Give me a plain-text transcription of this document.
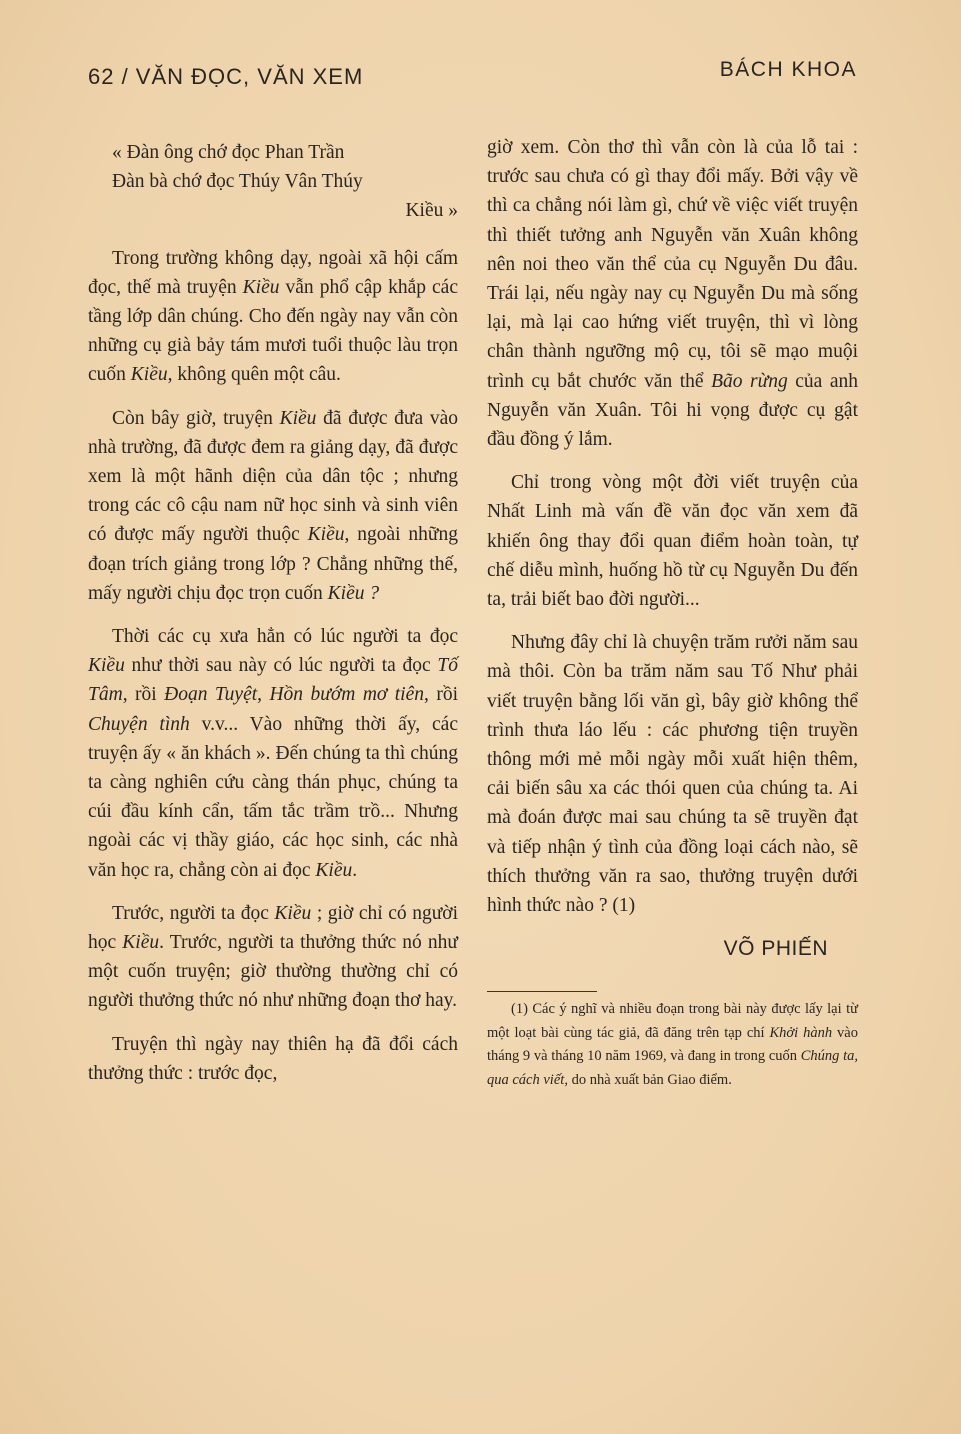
62 / VĂN ĐỌC, VĂN XEM	BÁCH KHOA
« Đàn ông chớ đọc Phan Trần
Đàn bà chớ đọc Thúy Vân Thúy
Kiều »

Trong trường không dạy, ngoài xã hội cấm đọc, thế mà truyện Kiều vẫn phổ cập khắp các tầng lớp dân chúng. Cho đến ngày nay vẫn còn những cụ già bảy tám mươi tuổi thuộc làu trọn cuốn Kiều, không quên một câu.

Còn bây giờ, truyện Kiều đã được đưa vào nhà trường, đã được đem ra giảng dạy, đã được xem là một hãnh diện của dân tộc ; nhưng trong các cô cậu nam nữ học sinh và sinh viên có được mấy người thuộc Kiều, ngoài những đoạn trích giảng trong lớp ? Chẳng những thế, mấy người chịu đọc trọn cuốn Kiều ?

Thời các cụ xưa hẳn có lúc người ta đọc Kiều như thời sau này có lúc người ta đọc Tố Tâm, rồi Đoạn Tuyệt, Hồn bướm mơ tiên, rồi Chuyện tình v.v... Vào những thời ấy, các truyện ấy « ăn khách ». Đến chúng ta thì chúng ta càng nghiên cứu càng thán phục, chúng ta cúi đầu kính cẩn, tấm tắc trầm trồ... Nhưng ngoài các vị thầy giáo, các học sinh, các nhà văn học ra, chẳng còn ai đọc Kiều.

Trước, người ta đọc Kiều ; giờ chỉ có người học Kiều. Trước, người ta thưởng thức nó như một cuốn truyện; giờ thường thường chỉ có người thưởng thức nó như những đoạn thơ hay.

Truyện thì ngày nay thiên hạ đã đổi cách thưởng thức : trước đọc,

giờ xem. Còn thơ thì vẫn còn là của lỗ tai : trước sau chưa có gì thay đổi mấy. Bởi vậy về thì ca chẳng nói làm gì, chứ về việc viết truyện thì thiết tưởng anh Nguyễn văn Xuân không nên noi theo văn thể của cụ Nguyễn Du đâu. Trái lại, nếu ngày nay cụ Nguyễn Du mà sống lại, mà lại cao hứng viết truyện, thì vì lòng chân thành ngưỡng mộ cụ, tôi sẽ mạo muội trình cụ bắt chước văn thể Bão rừng của anh Nguyễn văn Xuân. Tôi hi vọng được cụ gật đầu đồng ý lắm.

Chỉ trong vòng một đời viết truyện của Nhất Linh mà vấn đề văn đọc văn xem đã khiến ông thay đổi quan điểm hoàn toàn, tự chế diễu mình, huống hồ từ cụ Nguyễn Du đến ta, trải biết bao đời người...

Nhưng đây chỉ là chuyện trăm rưởi năm sau mà thôi. Còn ba trăm năm sau Tố Như phải viết truyện bằng lối văn gì, bây giờ không thể trình thưa láo lếu : các phương tiện truyền thông mới mẻ mỗi ngày mỗi xuất hiện thêm, cải biến sâu xa các thói quen của chúng ta. Ai mà đoán được mai sau chúng ta sẽ truyền đạt và tiếp nhận ý tình của đồng loại cách nào, sẽ thích thưởng văn ra sao, thưởng truyện dưới hình thức nào ? (1)

VÕ PHIẾN

(1) Các ý nghĩ và nhiều đoạn trong bài này được lấy lại từ một loạt bài cùng tác giả, đã đăng trên tạp chí Khởi hành vào tháng 9 và tháng 10 năm 1969, và đang in trong cuốn Chúng ta, qua cách viết, do nhà xuất bản Giao điểm.
